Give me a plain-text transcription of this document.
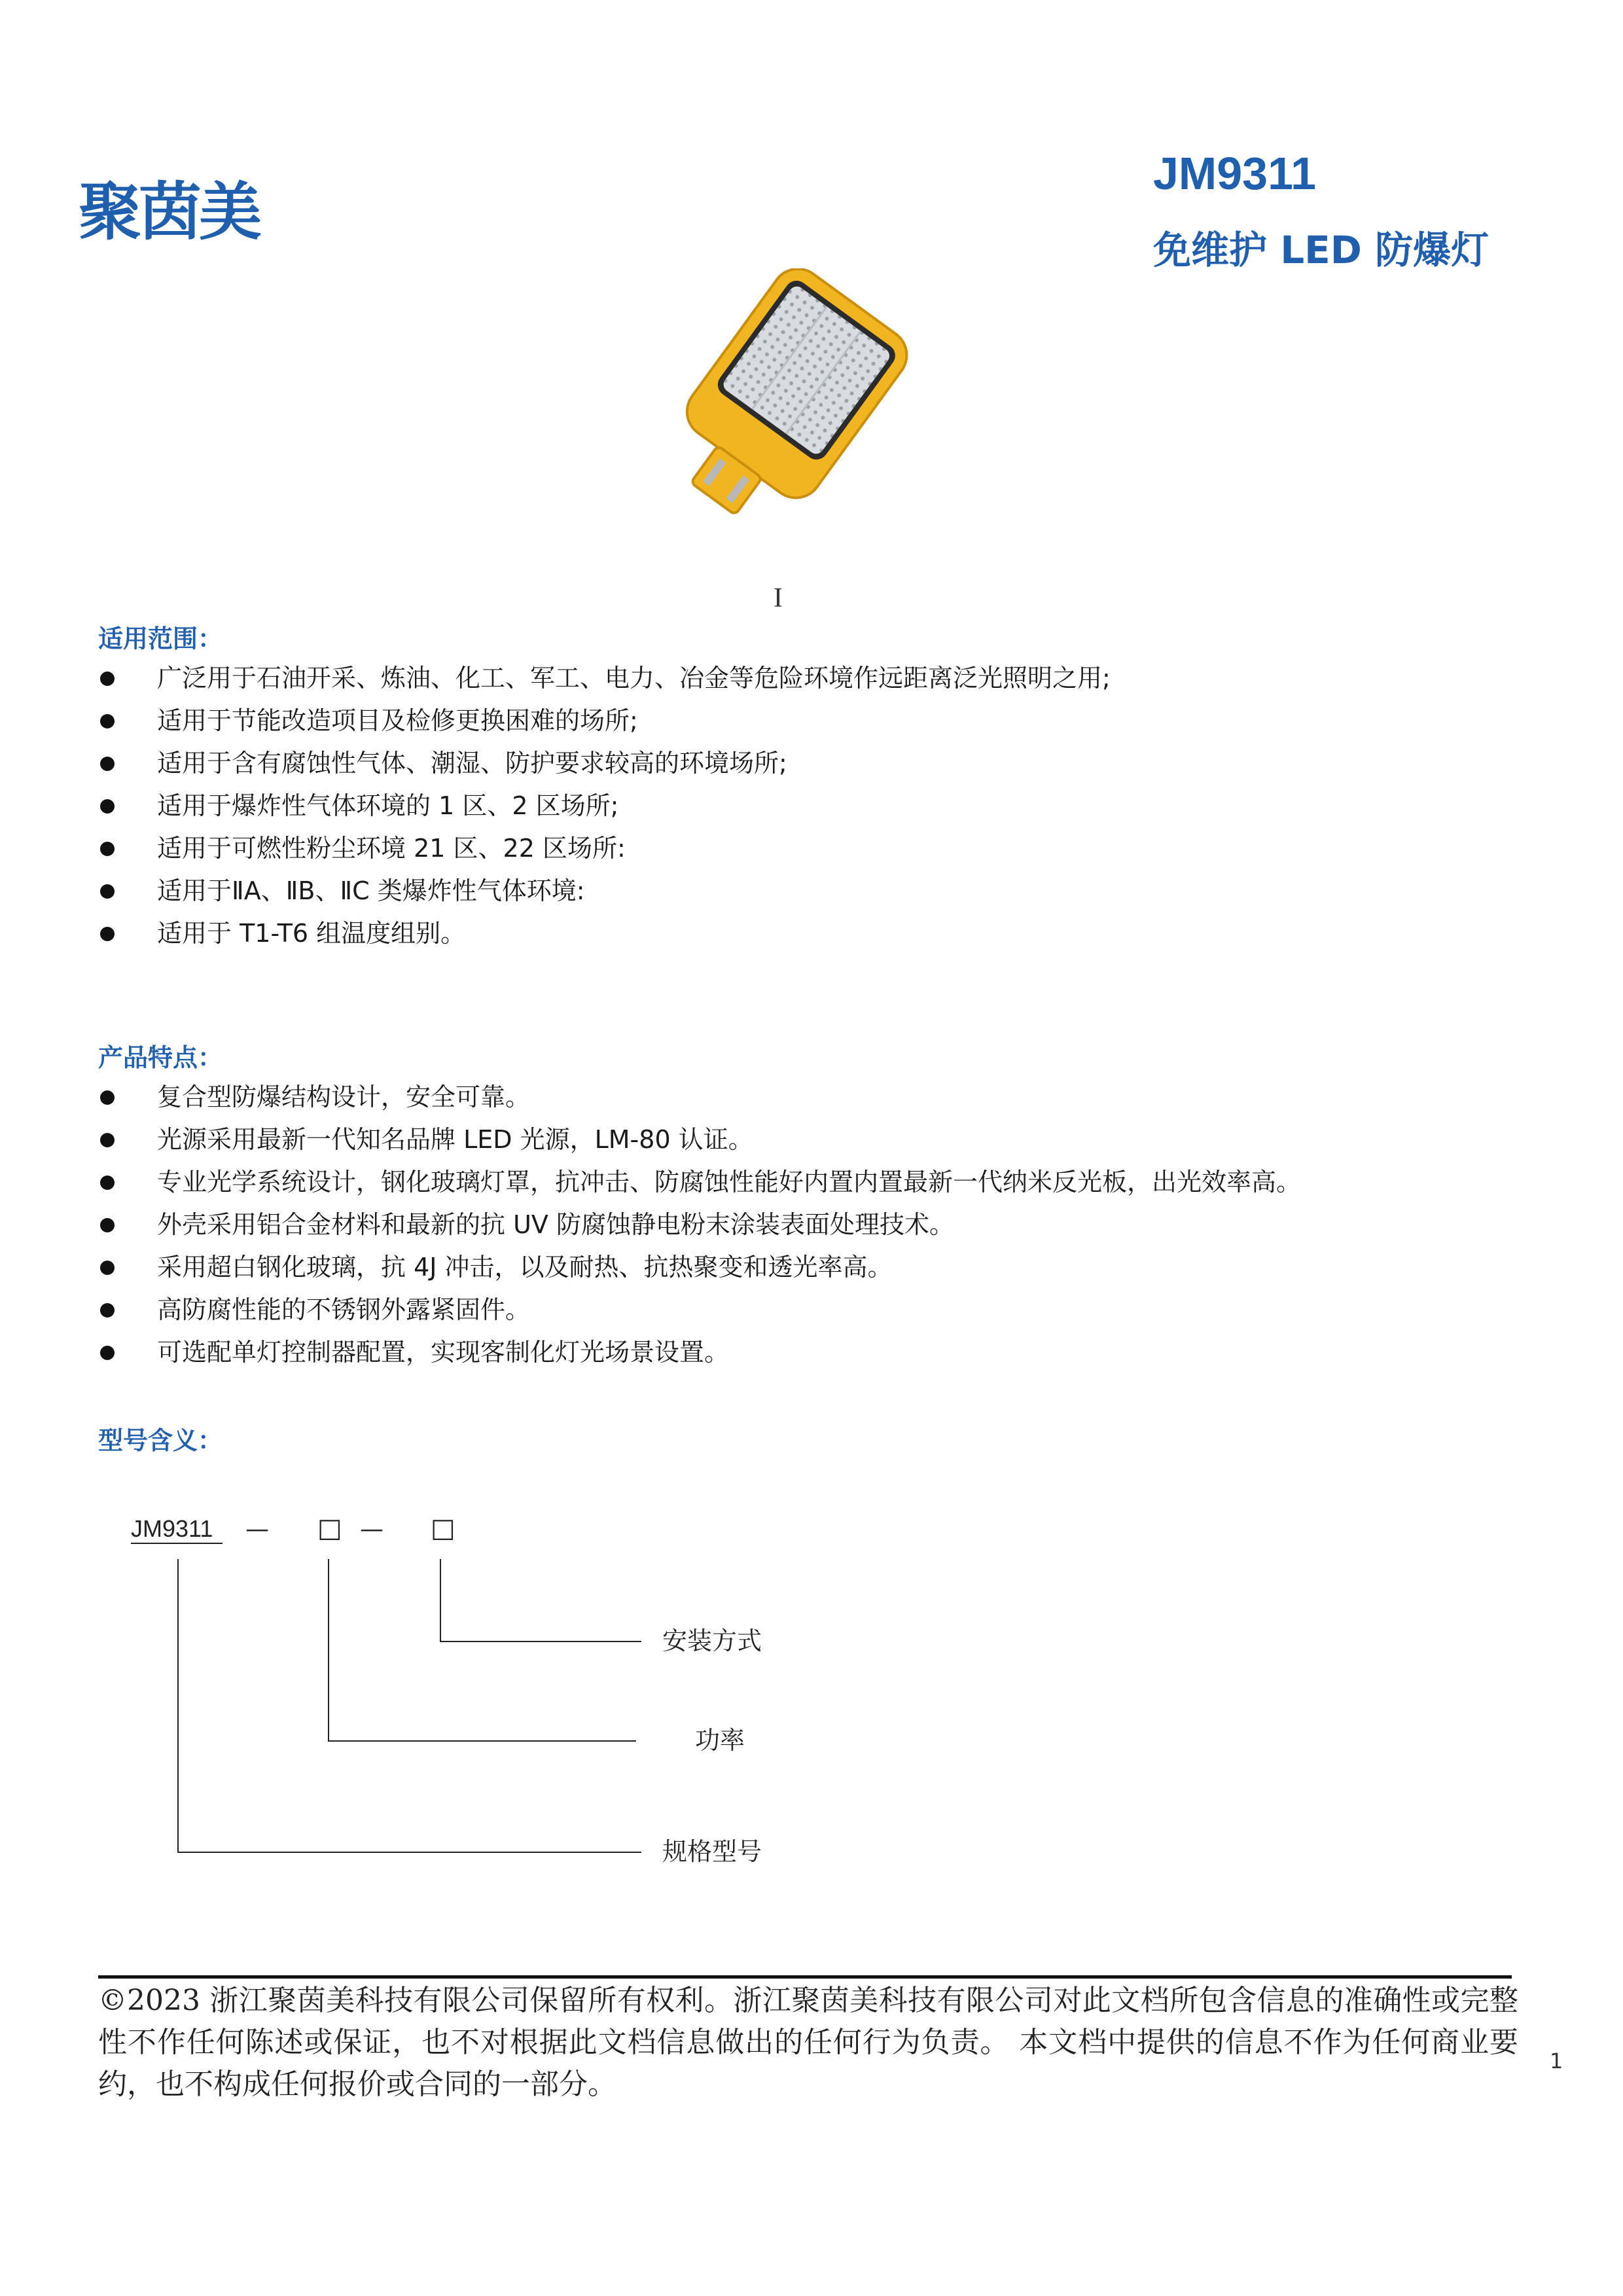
聚茵美
JM9311
免维护 LED 防爆灯
I
适用范围：
广泛用于石油开采、炼油、化工、军工、电力、冶金等危险环境作远距离泛光照明之用;
适用于节能改造项目及检修更换困难的场所;
适用于含有腐蚀性气体、潮湿、防护要求较高的环境场所;
适用于爆炸性气体环境的 1 区、2 区场所;
适用于可燃性粉尘环境 21 区、22 区场所:
适用于ⅡA、ⅡB、ⅡC 类爆炸性气体环境:
适用于 T1-T6 组温度组别。
产品特点：
复合型防爆结构设计，安全可靠。
光源采用最新一代知名品牌 LED 光源，LM-80 认证。
专业光学系统设计，钢化玻璃灯罩，抗冲击、防腐蚀性能好内置内置最新一代纳米反光板，出光效率高。
外壳采用铝合金材料和最新的抗 UV 防腐蚀静电粉末涂装表面处理技术。
采用超白钢化玻璃，抗 4J 冲击，以及耐热、抗热聚变和透光率高。
高防腐性能的不锈钢外露紧固件。
可选配单灯控制器配置，实现客制化灯光场景设置。
型号含义：
JM9311 — □ — □
安装方式
功率
规格型号
©2023 浙江聚茵美科技有限公司保留所有权利。浙江聚茵美科技有限公司对此文档所包含信息的准确性或完整性不作任何陈述或保证，也不对根据此文档信息做出的任何行为负责。 本文档中提供的信息不作为任何商业要约，也不构成任何报价或合同的一部分。
1
